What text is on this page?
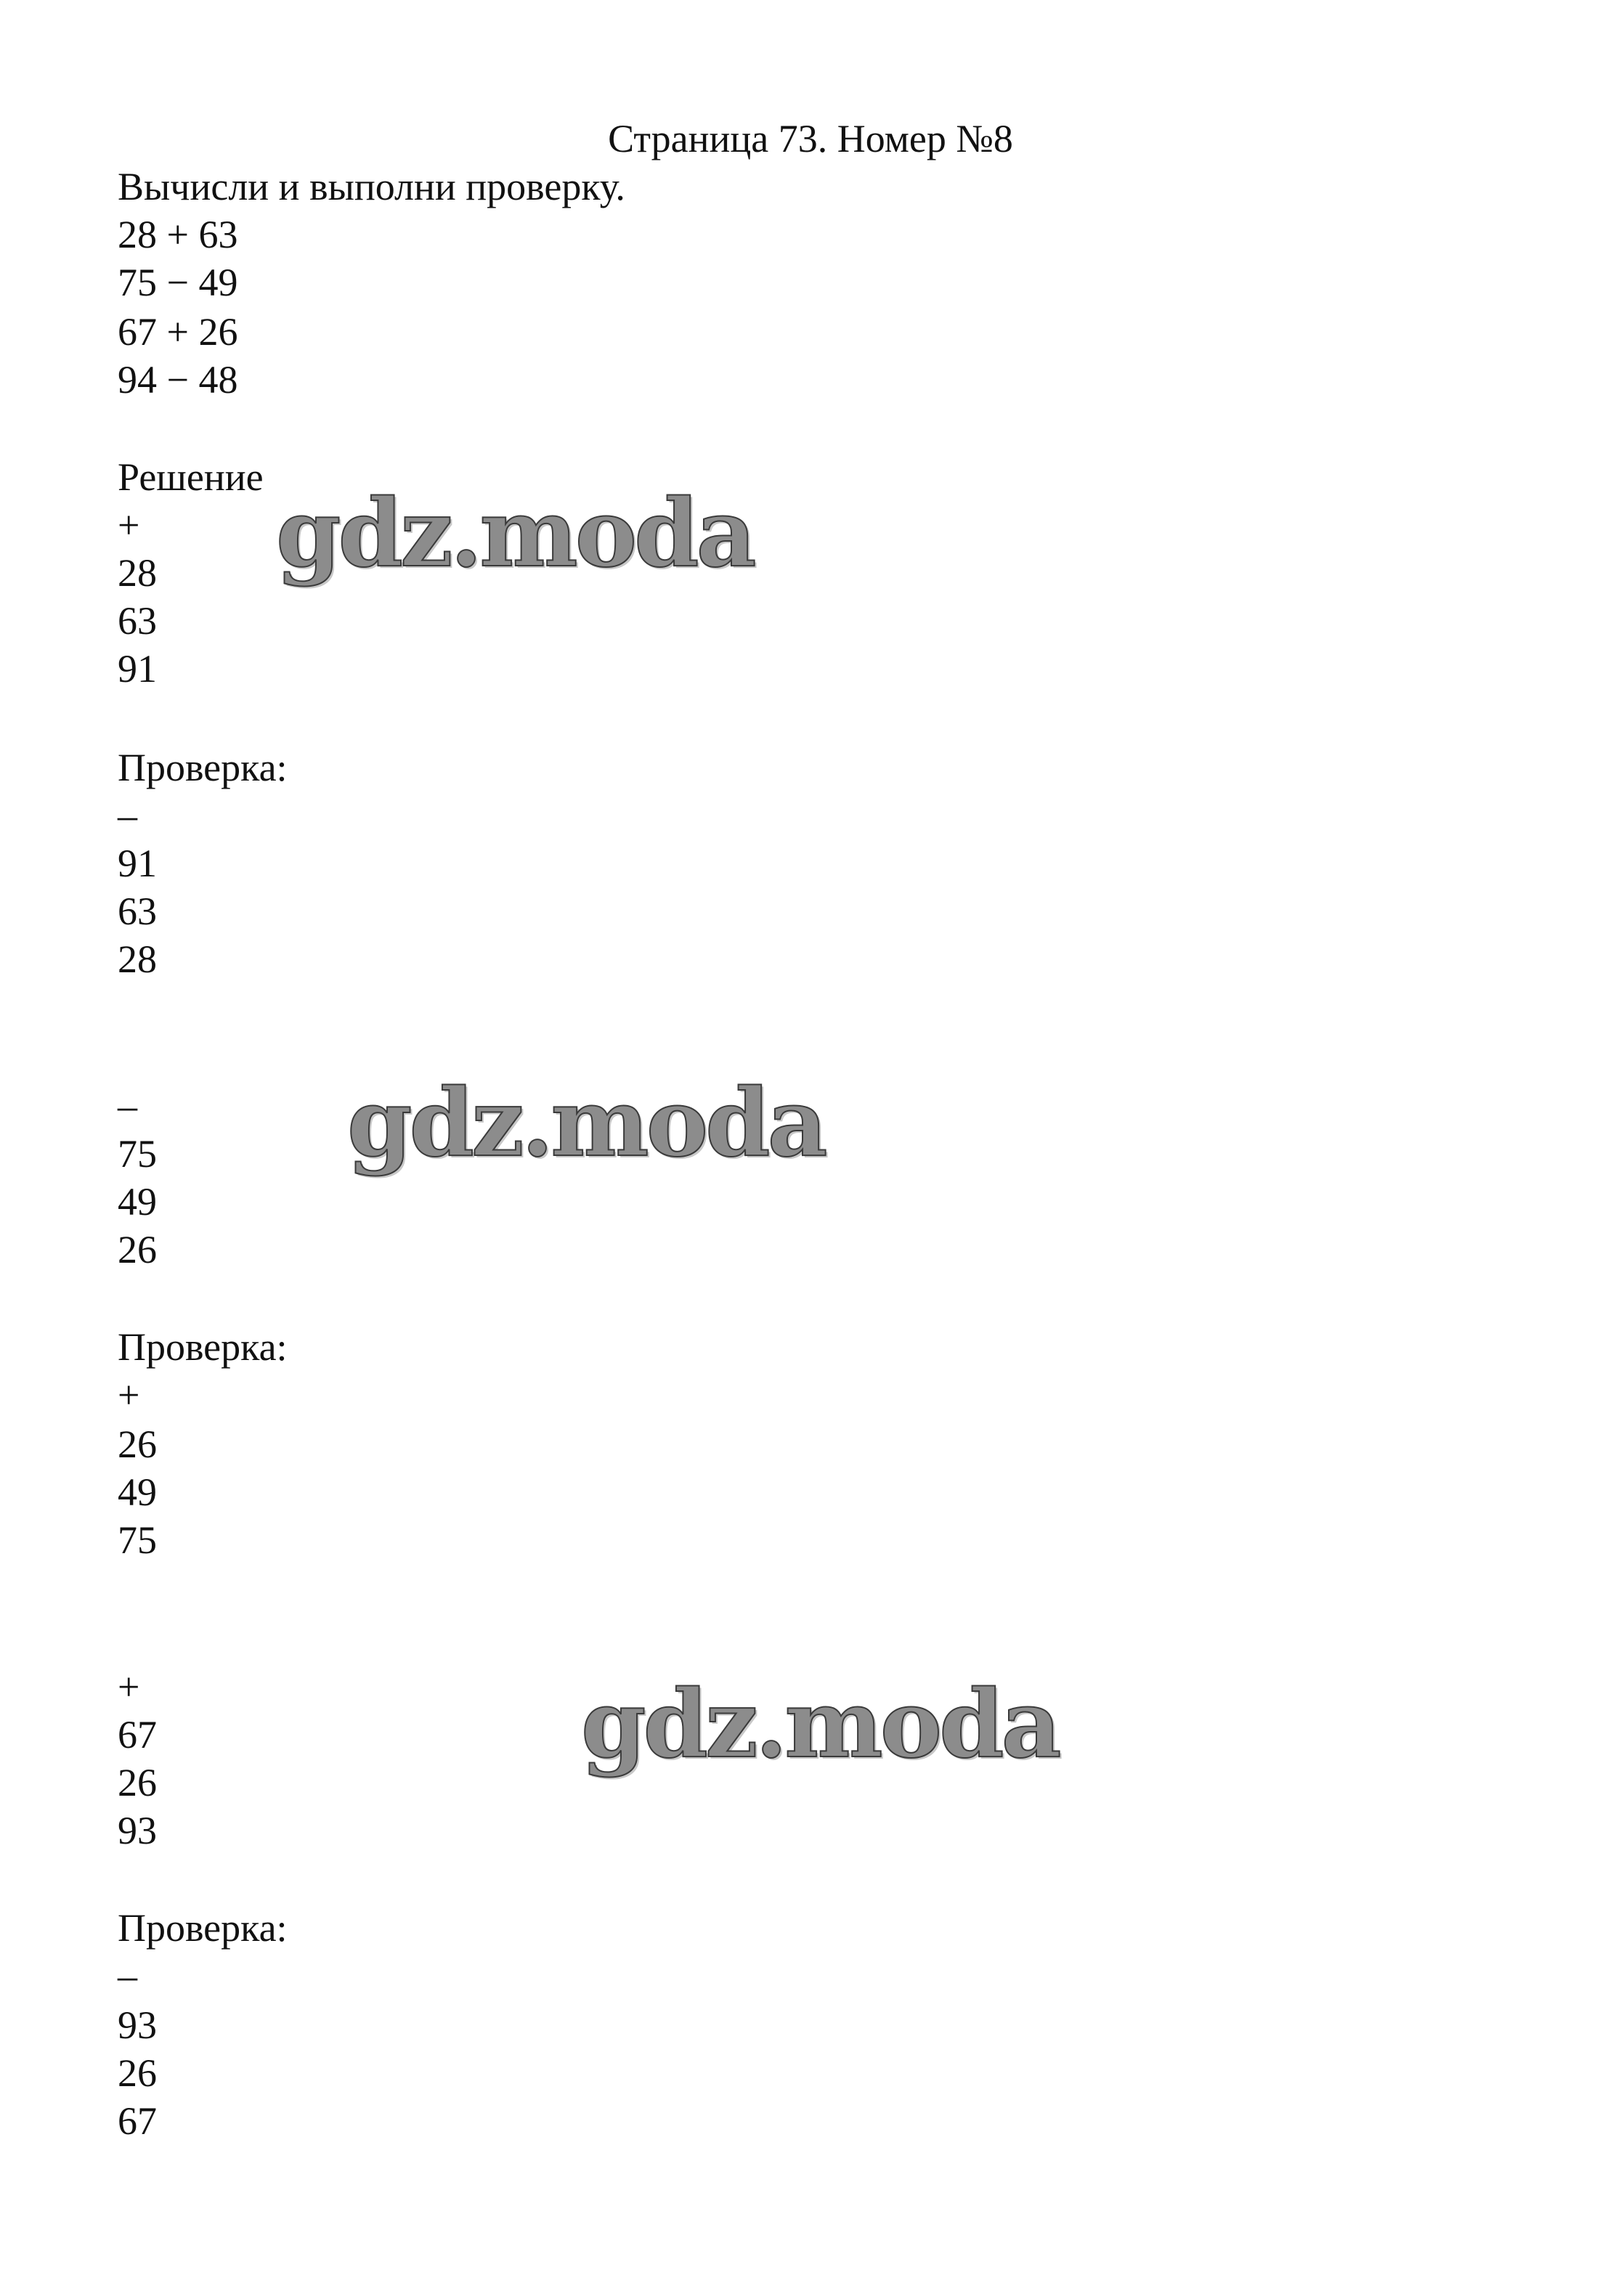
Страница 73. Номер №8
Вычисли и выполни проверку.
28 + 63
75 − 49
67 + 26
94 − 48
Решение
+
28
63
91
Проверка:
–
91
63
28
–
75
49
26
Проверка:
+
26
49
75
+
67
26
93
Проверка:
–
93
26
67
gdz.moda
gdz.moda
gdz.moda
